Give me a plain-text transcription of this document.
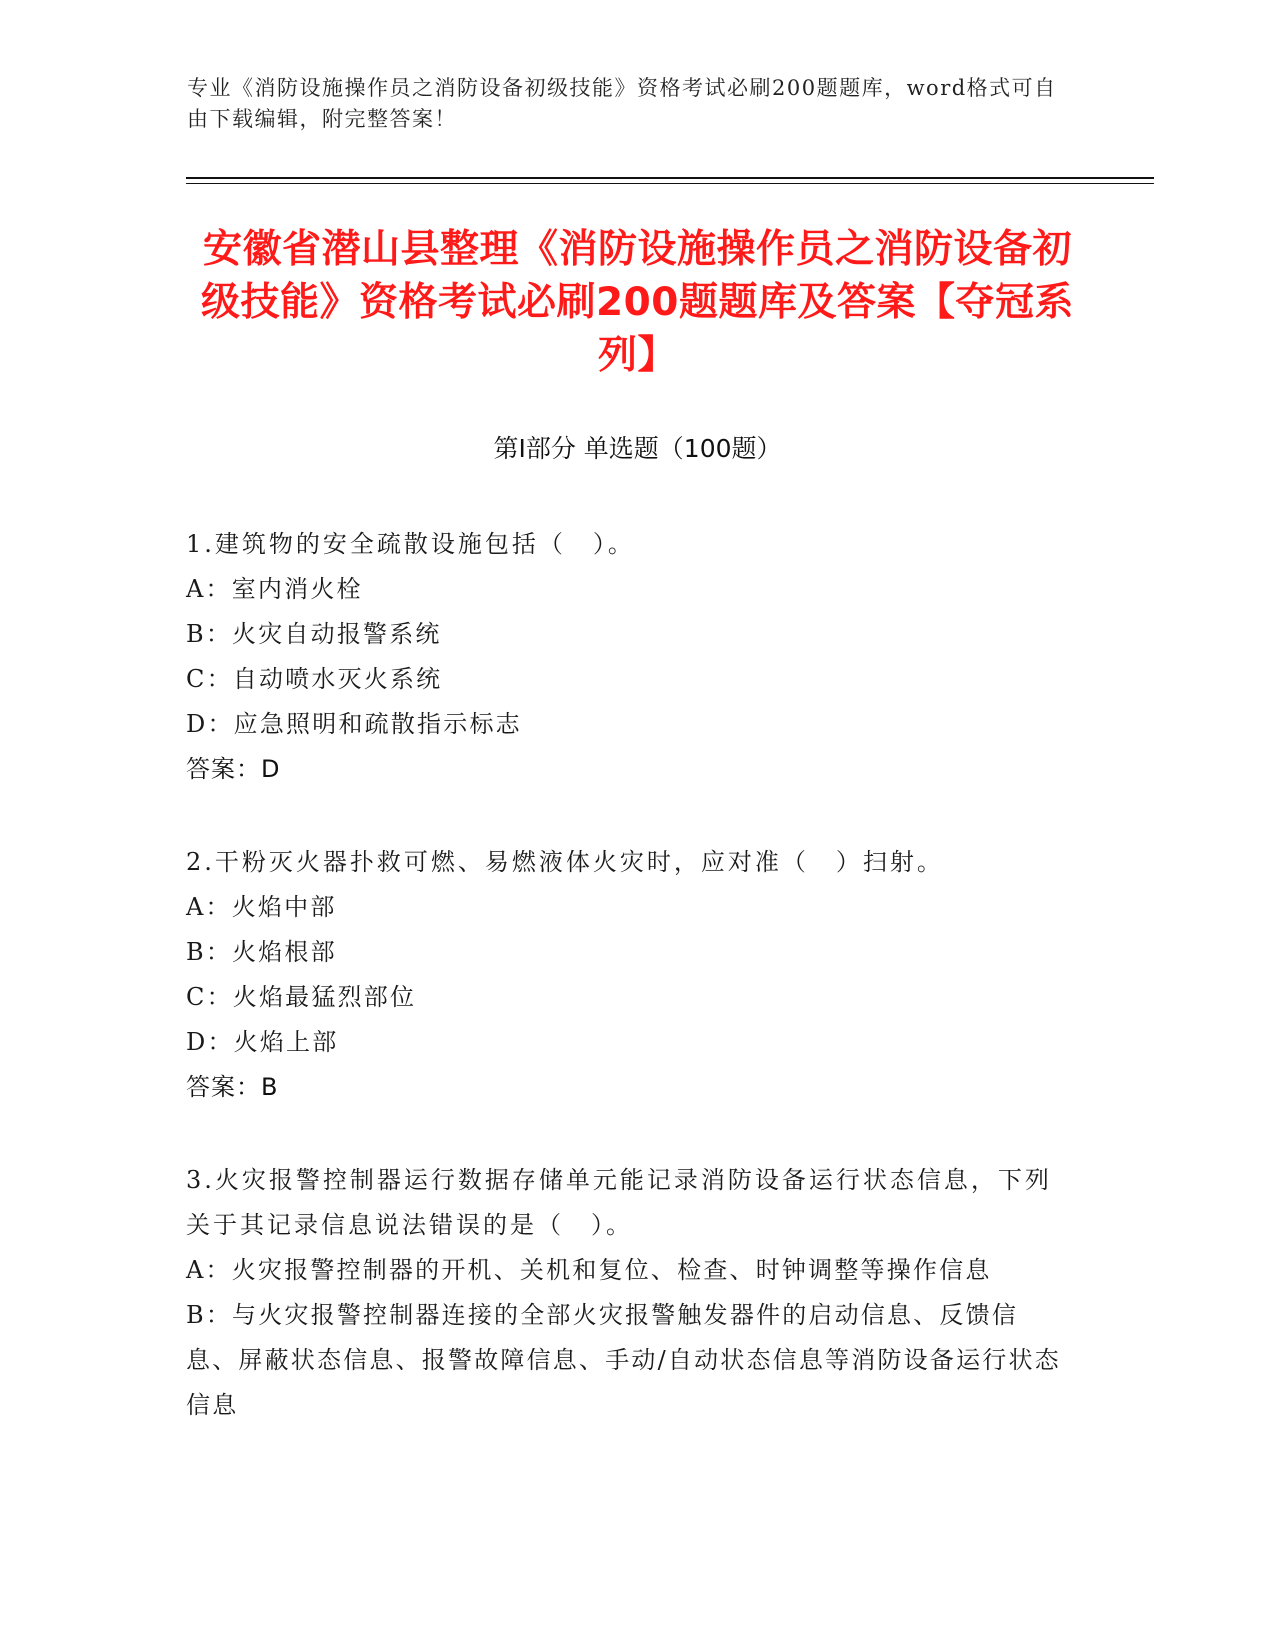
专业《消防设施操作员之消防设备初级技能》资格考试必刷200题题库，word格式可自由下载编辑，附完整答案！
安徽省潜山县整理《消防设施操作员之消防设备初级技能》资格考试必刷200题题库及答案【夺冠系列】
第Ⅰ部分 单选题（100题）
1.建筑物的安全疏散设施包括（　）。
A：室内消火栓
B：火灾自动报警系统
C：自动喷水灭火系统
D：应急照明和疏散指示标志
答案：D
2.干粉灭火器扑救可燃、易燃液体火灾时，应对准（　）扫射。
A：火焰中部
B：火焰根部
C：火焰最猛烈部位
D：火焰上部
答案：B
3.火灾报警控制器运行数据存储单元能记录消防设备运行状态信息，下列关于其记录信息说法错误的是（　）。
A：火灾报警控制器的开机、关机和复位、检查、时钟调整等操作信息
B：与火灾报警控制器连接的全部火灾报警触发器件的启动信息、反馈信息、屏蔽状态信息、报警故障信息、手动/自动状态信息等消防设备运行状态信息
